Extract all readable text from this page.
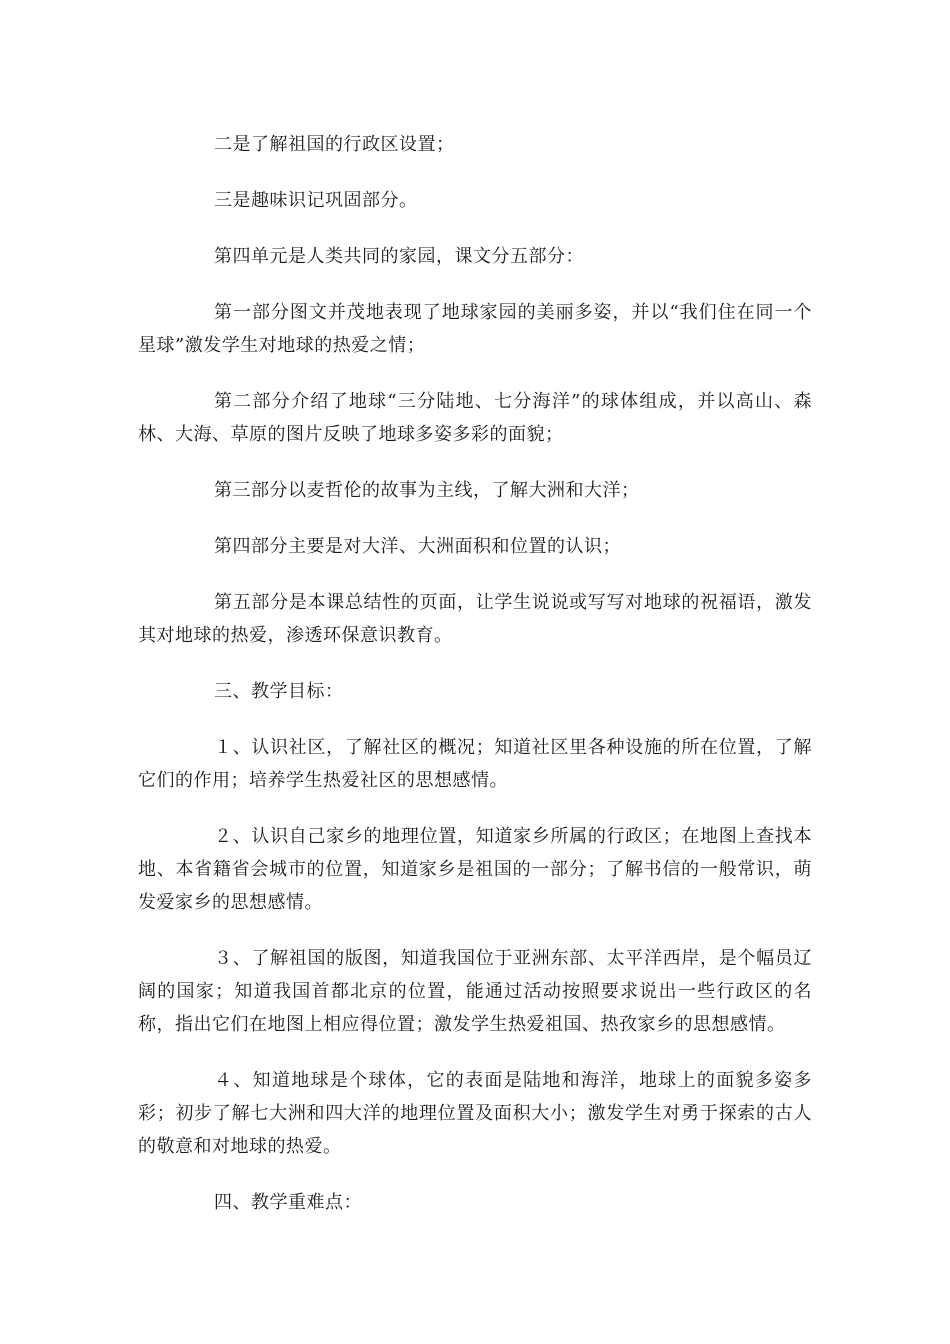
二是了解祖国的行政区设置；

三是趣味识记巩固部分。

第四单元是人类共同的家园，课文分五部分：

第一部分图文并茂地表现了地球家园的美丽多姿，并以“我们住在同一个星球”激发学生对地球的热爱之情；

第二部分介绍了地球“三分陆地、七分海洋”的球体组成，并以高山、森林、大海、草原的图片反映了地球多姿多彩的面貌；

第三部分以麦哲伦的故事为主线，了解大洲和大洋；

第四部分主要是对大洋、大洲面积和位置的认识；

第五部分是本课总结性的页面，让学生说说或写写对地球的祝福语，激发其对地球的热爱，渗透环保意识教育。

三、教学目标：

１、认识社区，了解社区的概况；知道社区里各种设施的所在位置，了解它们的作用；培养学生热爱社区的思想感情。

２、认识自己家乡的地理位置，知道家乡所属的行政区；在地图上查找本地、本省籍省会城市的位置，知道家乡是祖国的一部分；了解书信的一般常识，萌发爱家乡的思想感情。

３、了解祖国的版图，知道我国位于亚洲东部、太平洋西岸，是个幅员辽阔的国家；知道我国首都北京的位置，能通过活动按照要求说出一些行政区的名称，指出它们在地图上相应得位置；激发学生热爱祖国、热孜家乡的思想感情。

４、知道地球是个球体，它的表面是陆地和海洋，地球上的面貌多姿多彩；初步了解七大洲和四大洋的地理位置及面积大小；激发学生对勇于探索的古人的敬意和对地球的热爱。

四、教学重难点：
